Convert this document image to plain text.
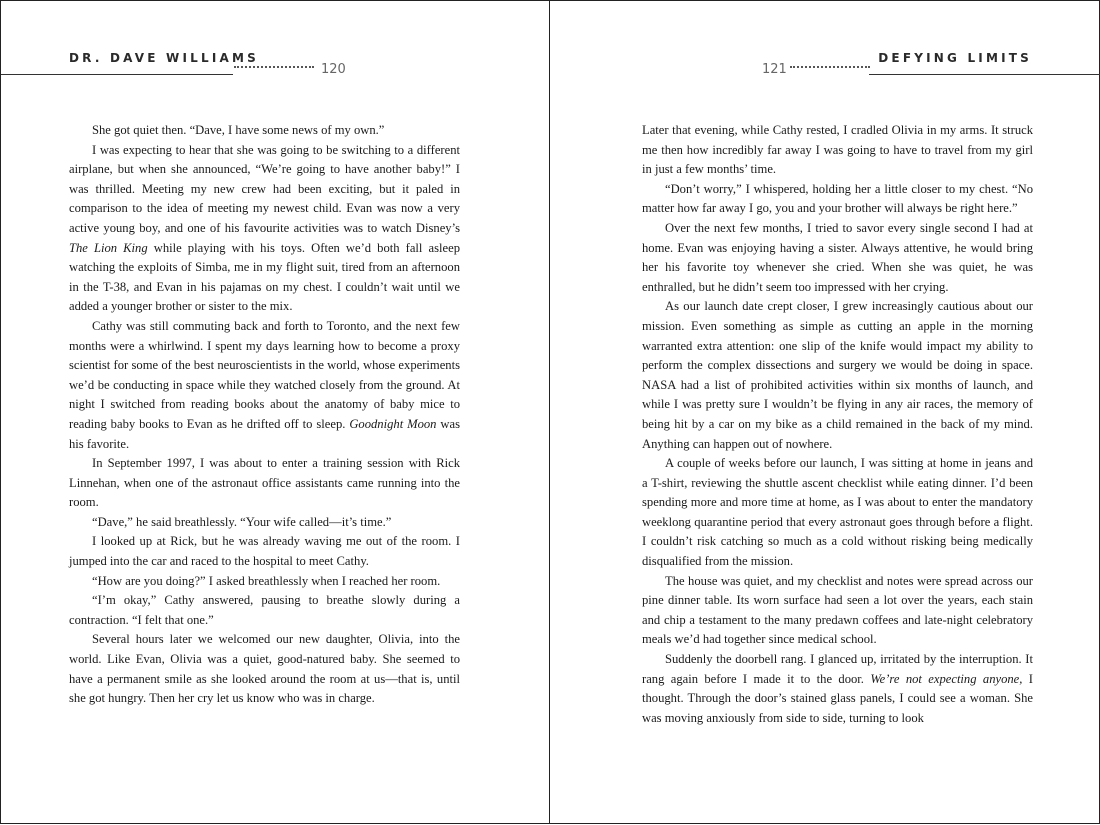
DR. DAVE WILLIAMS
120

She got quiet then. “Dave, I have some news of my own.”

I was expecting to hear that she was going to be switching to a different airplane, but when she announced, “We’re going to have another baby!” I was thrilled. Meeting my new crew had been exciting, but it paled in comparison to the idea of meeting my newest child. Evan was now a very active young boy, and one of his favourite activities was to watch Disney’s The Lion King while playing with his toys. Often we’d both fall asleep watching the exploits of Simba, me in my flight suit, tired from an afternoon in the T-38, and Evan in his pajamas on my chest. I couldn’t wait until we added a younger brother or sister to the mix.

Cathy was still commuting back and forth to Toronto, and the next few months were a whirlwind. I spent my days learning how to become a proxy scientist for some of the best neuroscientists in the world, whose experiments we’d be conducting in space while they watched closely from the ground. At night I switched from reading books about the anatomy of baby mice to reading baby books to Evan as he drifted off to sleep. Goodnight Moon was his favorite.

In September 1997, I was about to enter a training session with Rick Linnehan, when one of the astronaut office assistants came running into the room.

“Dave,” he said breathlessly. “Your wife called—it’s time.”

I looked up at Rick, but he was already waving me out of the room. I jumped into the car and raced to the hospital to meet Cathy.

“How are you doing?” I asked breathlessly when I reached her room.

“I’m okay,” Cathy answered, pausing to breathe slowly during a contraction. “I felt that one.”

Several hours later we welcomed our new daughter, Olivia, into the world. Like Evan, Olivia was a quiet, good-natured baby. She seemed to have a permanent smile as she looked around the room at us—that is, until she got hungry. Then her cry let us know who was in charge.

DEFYING LIMITS
121

Later that evening, while Cathy rested, I cradled Olivia in my arms. It struck me then how incredibly far away I was going to have to travel from my girl in just a few months’ time.

“Don’t worry,” I whispered, holding her a little closer to my chest. “No matter how far away I go, you and your brother will always be right here.”

Over the next few months, I tried to savor every single second I had at home. Evan was enjoying having a sister. Always attentive, he would bring her his favorite toy whenever she cried. When she was quiet, he was enthralled, but he didn’t seem too impressed with her crying.

As our launch date crept closer, I grew increasingly cautious about our mission. Even something as simple as cutting an apple in the morning warranted extra attention: one slip of the knife would impact my ability to perform the complex dissections and surgery we would be doing in space. NASA had a list of prohibited activities within six months of launch, and while I was pretty sure I wouldn’t be flying in any air races, the memory of being hit by a car on my bike as a child remained in the back of my mind. Anything can happen out of nowhere.

A couple of weeks before our launch, I was sitting at home in jeans and a T-shirt, reviewing the shuttle ascent checklist while eating dinner. I’d been spending more and more time at home, as I was about to enter the mandatory weeklong quarantine period that every astronaut goes through before a flight. I couldn’t risk catching so much as a cold without risking being medically disqualified from the mission.

The house was quiet, and my checklist and notes were spread across our pine dinner table. Its worn surface had seen a lot over the years, each stain and chip a testament to the many predawn coffees and late-night celebratory meals we’d had together since medical school.

Suddenly the doorbell rang. I glanced up, irritated by the interruption. It rang again before I made it to the door. We’re not expecting anyone, I thought. Through the door’s stained glass panels, I could see a woman. She was moving anxiously from side to side, turning to look
